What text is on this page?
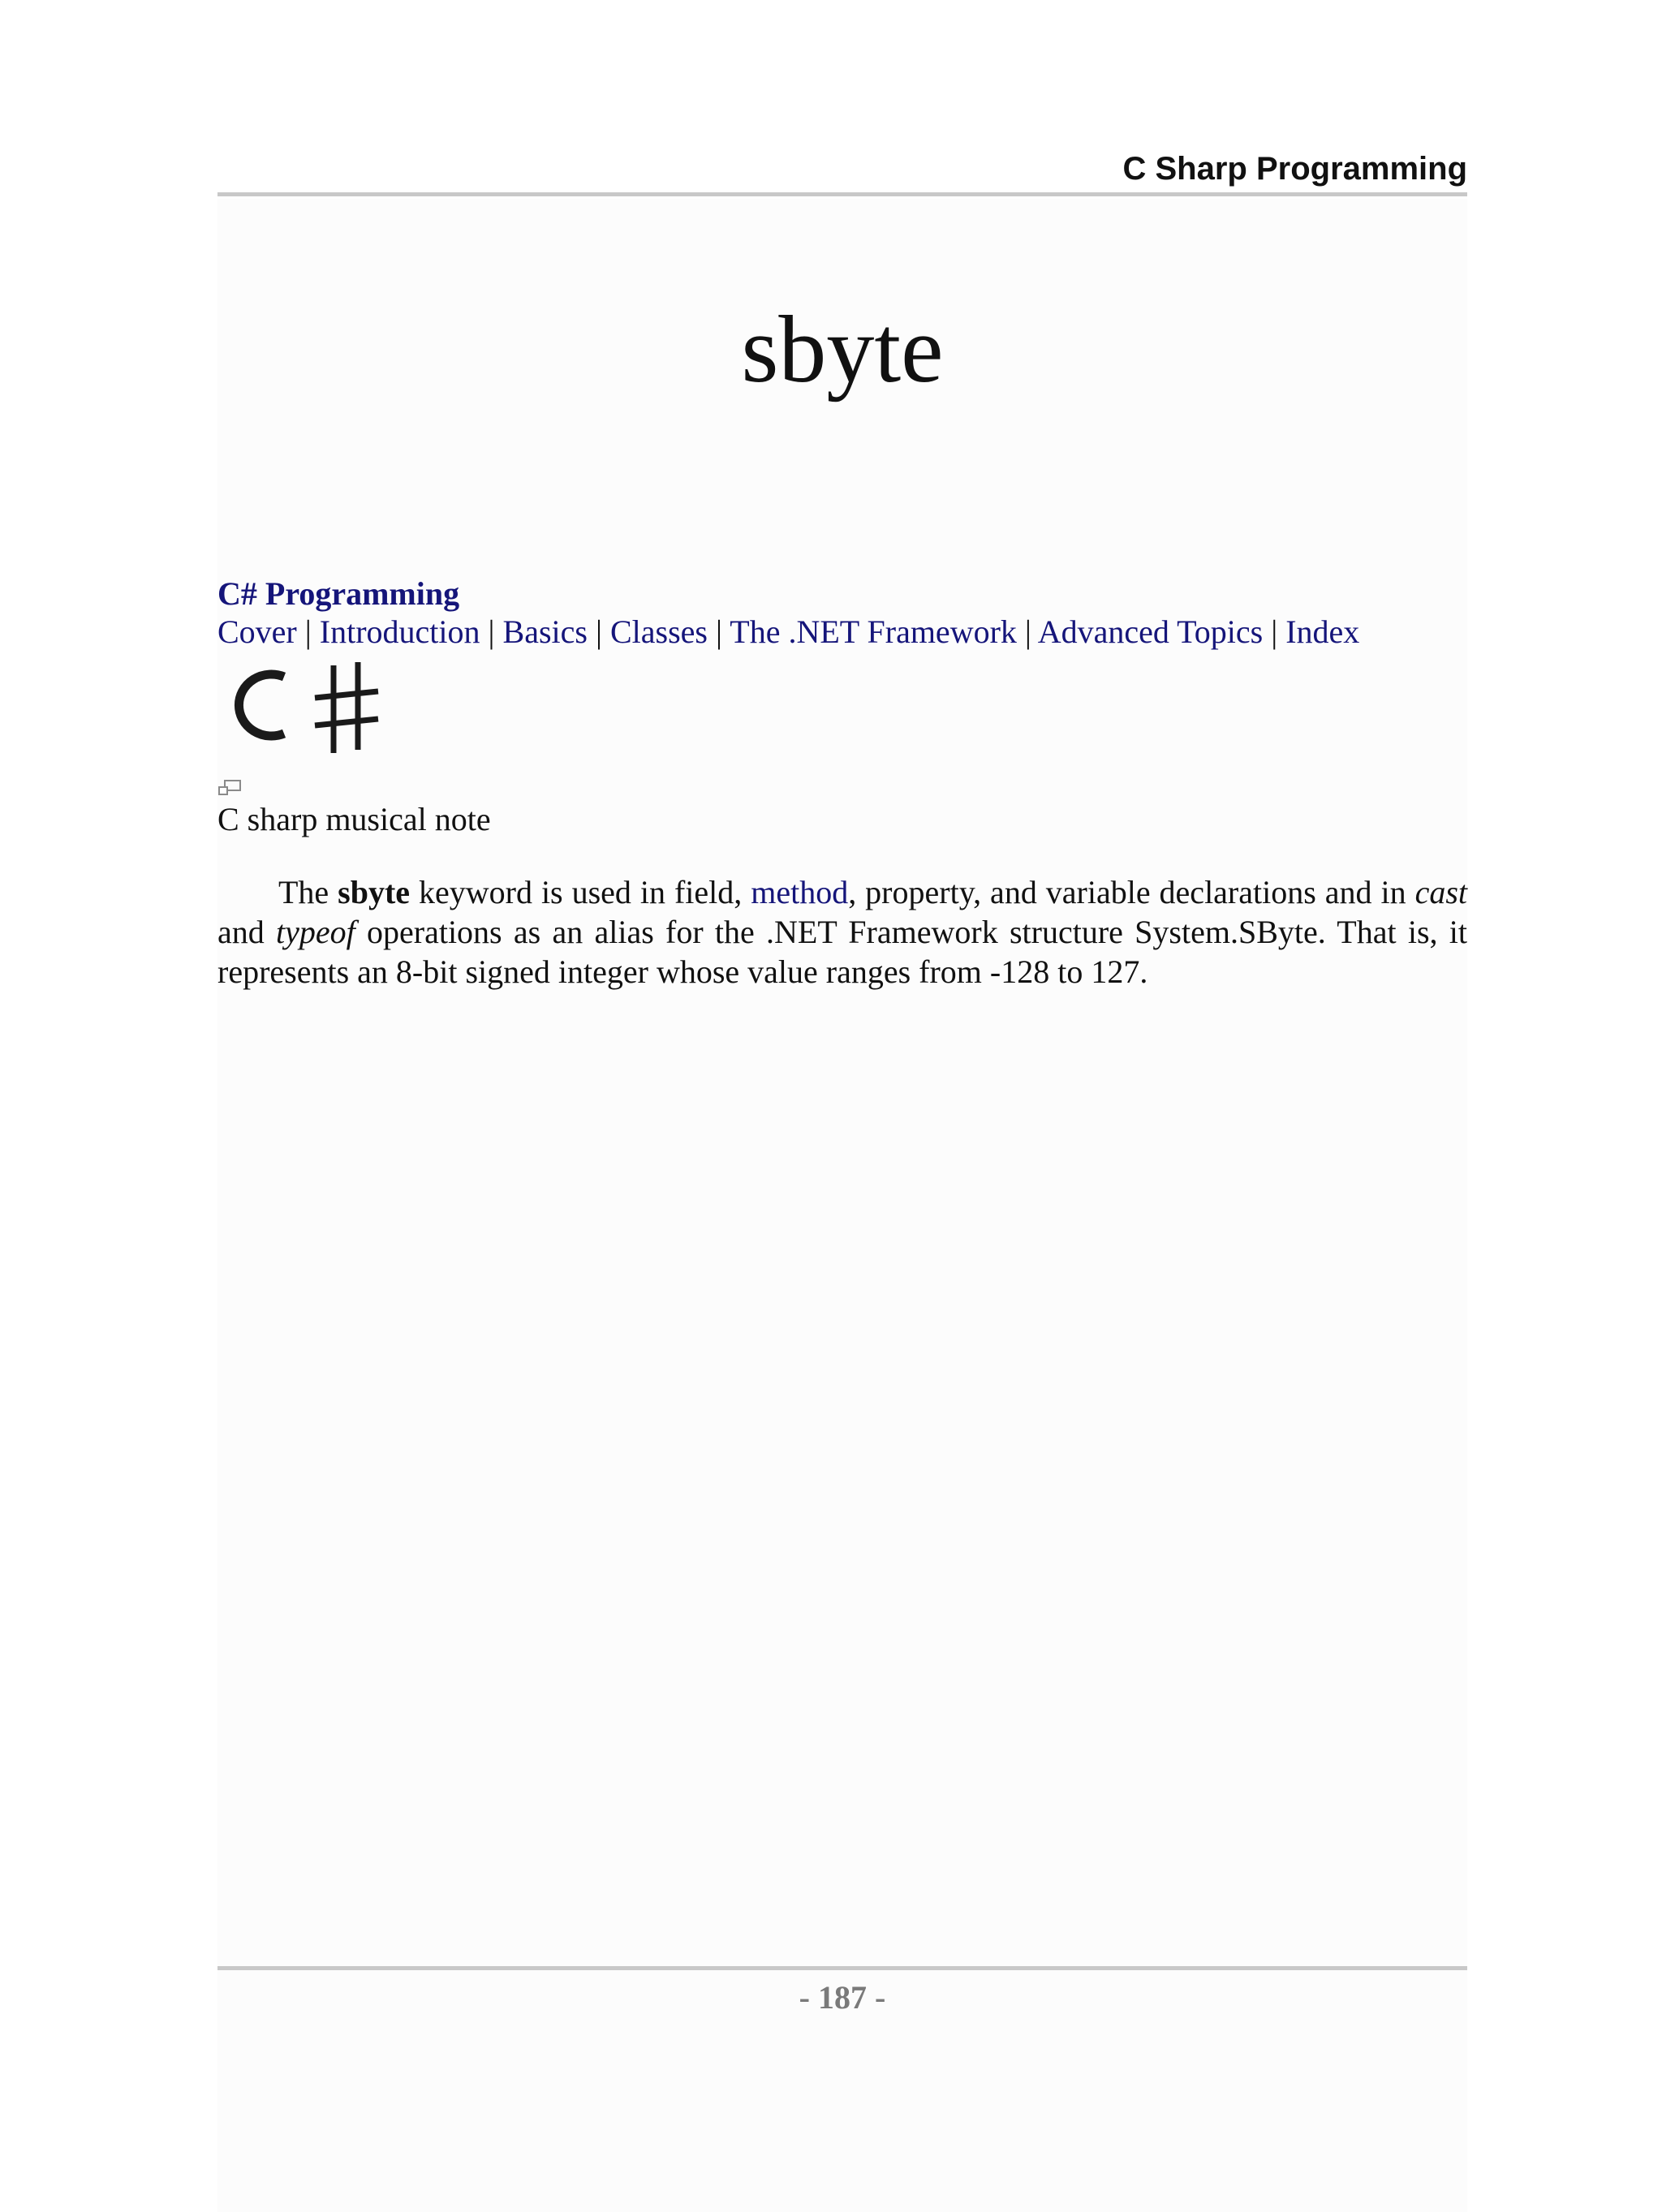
C Sharp Programming
sbyte
C# Programming
Cover | Introduction | Basics | Classes | The .NET Framework | Advanced Topics | Index
C sharp musical note
The sbyte keyword is used in field, method, property, and variable declarations and in cast and typeof operations as an alias for the .NET Framework structure System.SByte. That is, it represents an 8-bit signed integer whose value ranges from -128 to 127.
- 187 -
